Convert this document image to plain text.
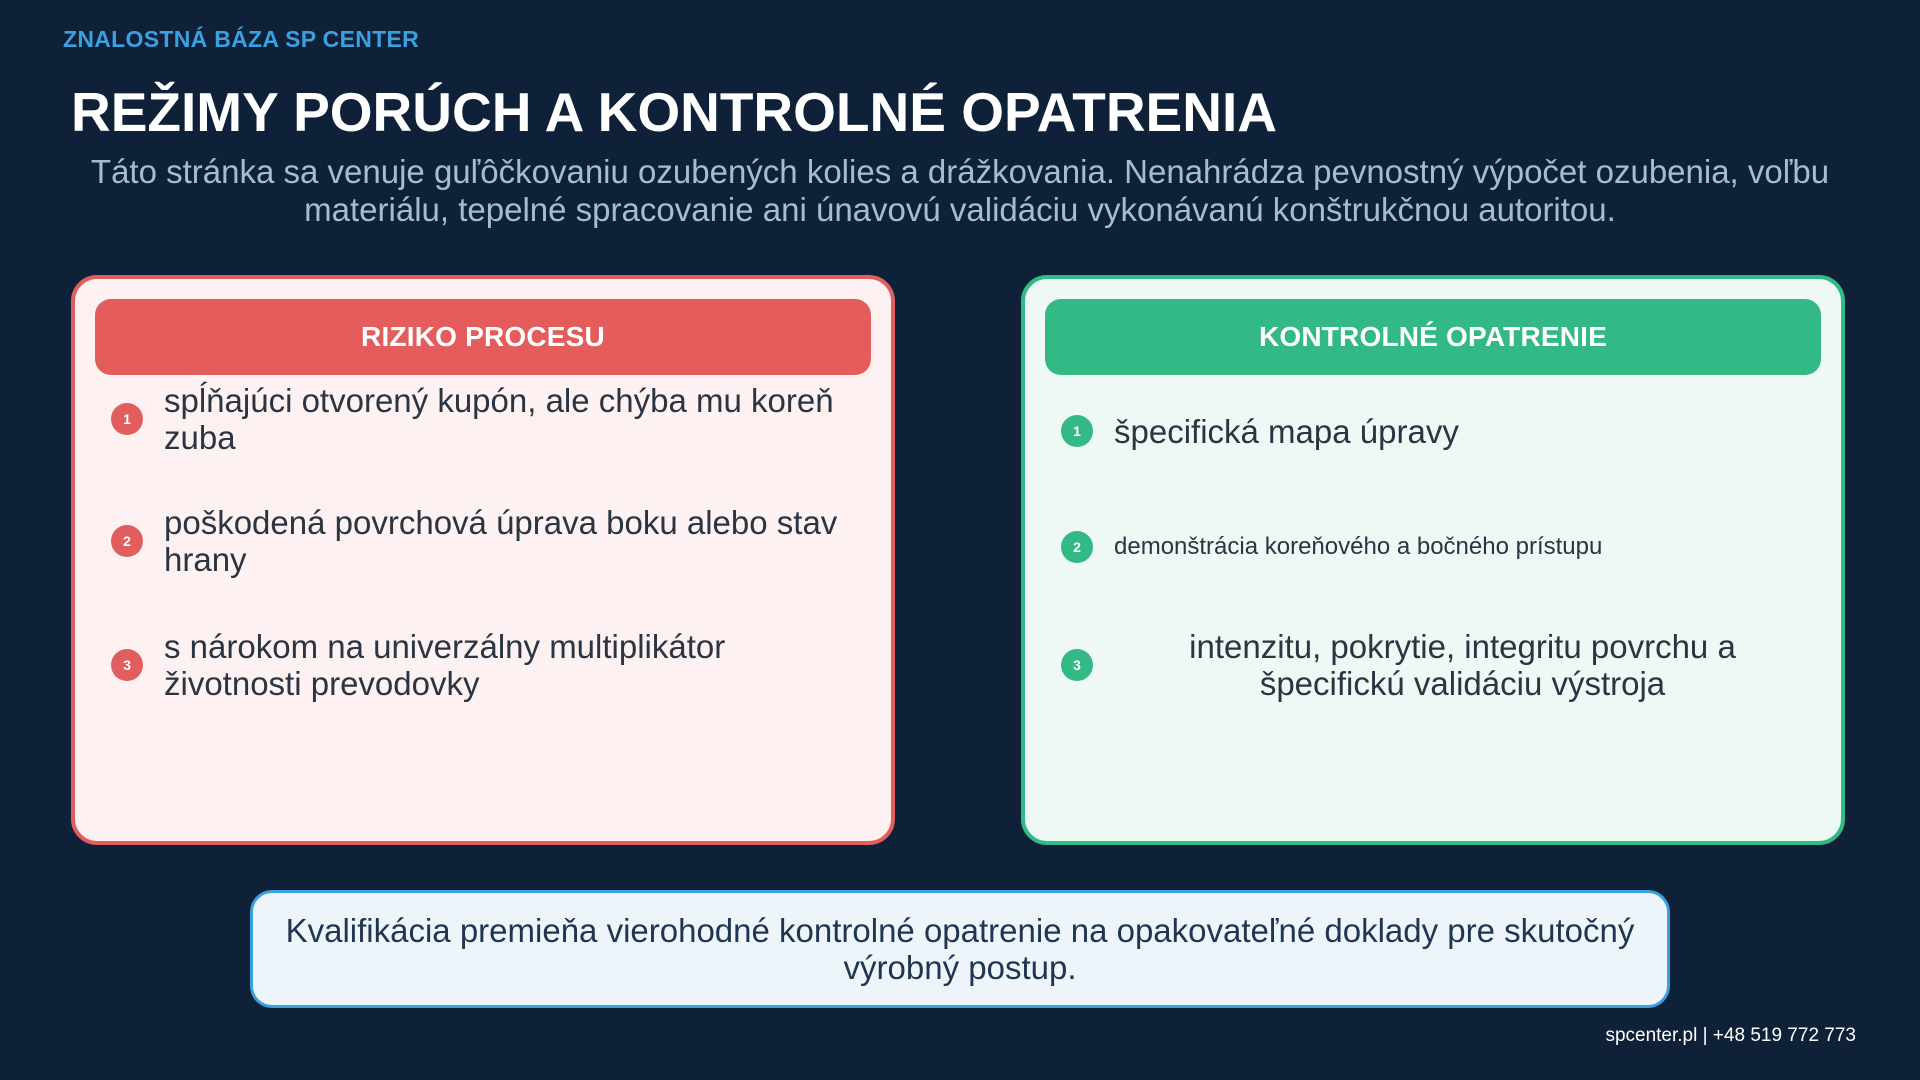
ZNALOSTNÁ BÁZA SP CENTER
REŽIMY PORÚCH A KONTROLNÉ OPATRENIA
Táto stránka sa venuje guľôčkovaniu ozubených kolies a drážkovania. Nenahrádza pevnostný výpočet ozubenia, voľbu materiálu, tepelné spracovanie ani únavovú validáciu vykonávanú konštrukčnou autoritou.
RIZIKO PROCESU
1	spĺňajúci otvorený kupón, ale chýba mu koreň zuba
2	poškodená povrchová úprava boku alebo stav hrany
3	s nárokom na univerzálny multiplikátor životnosti prevodovky
KONTROLNÉ OPATRENIE
1	špecifická mapa úpravy
2	demonštrácia koreňového a bočného prístupu
3	intenzitu, pokrytie, integritu povrchu a špecifickú validáciu výstroja
Kvalifikácia premieňa vierohodné kontrolné opatrenie na opakovateľné doklady pre skutočný výrobný postup.
spcenter.pl | +48 519 772 773
